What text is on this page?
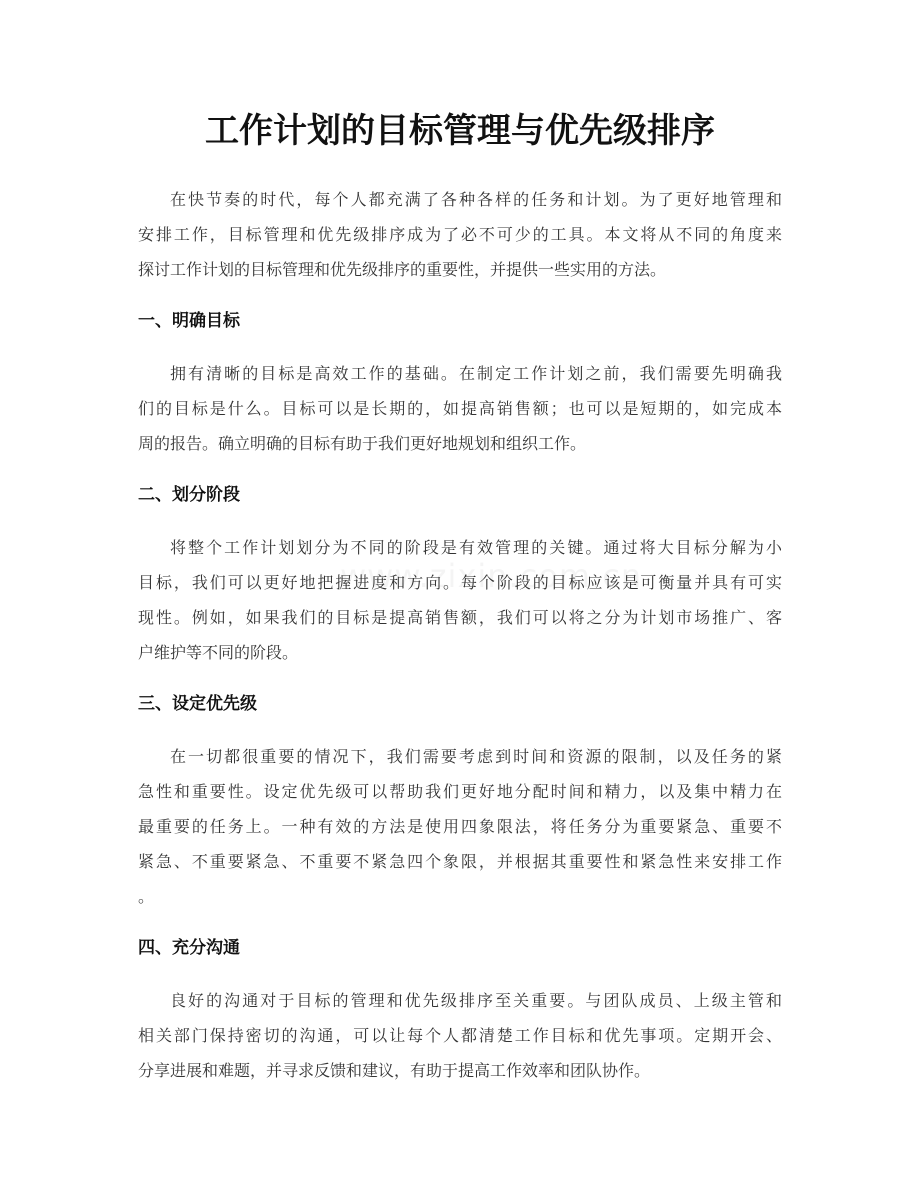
工作计划的目标管理与优先级排序
在快节奏的时代，每个人都充满了各种各样的任务和计划。为了更好地管理和
安排工作，目标管理和优先级排序成为了必不可少的工具。本文将从不同的角度来
探讨工作计划的目标管理和优先级排序的重要性，并提供一些实用的方法。
一、明确目标
拥有清晰的目标是高效工作的基础。在制定工作计划之前，我们需要先明确我
们的目标是什么。目标可以是长期的，如提高销售额；也可以是短期的，如完成本
周的报告。确立明确的目标有助于我们更好地规划和组织工作。
二、划分阶段
将整个工作计划划分为不同的阶段是有效管理的关键。通过将大目标分解为小
目标，我们可以更好地把握进度和方向。每个阶段的目标应该是可衡量并具有可实
现性。例如，如果我们的目标是提高销售额，我们可以将之分为计划市场推广、客
户维护等不同的阶段。
三、设定优先级
在一切都很重要的情况下，我们需要考虑到时间和资源的限制，以及任务的紧
急性和重要性。设定优先级可以帮助我们更好地分配时间和精力，以及集中精力在
最重要的任务上。一种有效的方法是使用四象限法，将任务分为重要紧急、重要不
紧急、不重要紧急、不重要不紧急四个象限，并根据其重要性和紧急性来安排工作
。
四、充分沟通
良好的沟通对于目标的管理和优先级排序至关重要。与团队成员、上级主管和
相关部门保持密切的沟通，可以让每个人都清楚工作目标和优先事项。定期开会、
分享进展和难题，并寻求反馈和建议，有助于提高工作效率和团队协作。
